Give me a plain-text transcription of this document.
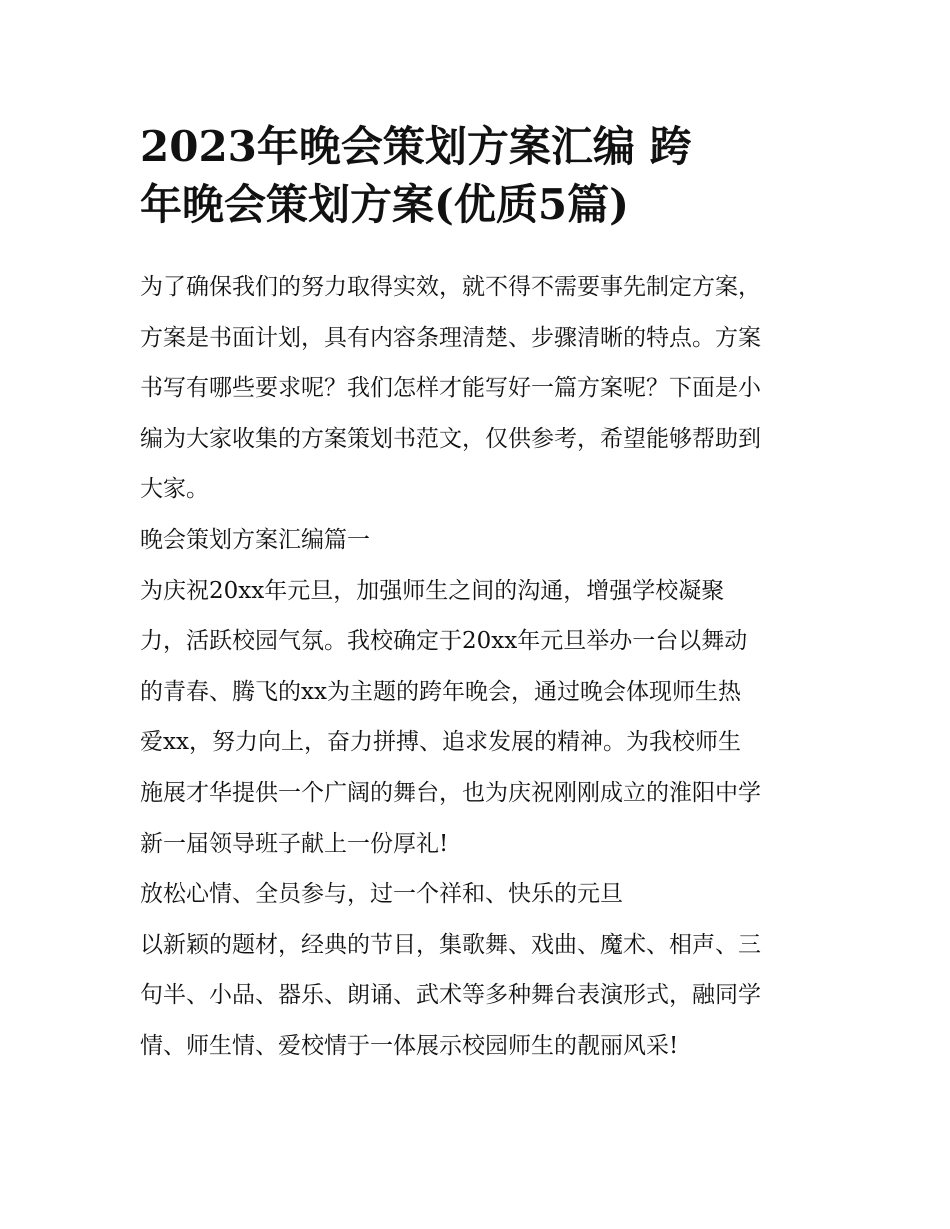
2023年晚会策划方案汇编 跨
年晚会策划方案(优质5篇)
为了确保我们的努力取得实效，就不得不需要事先制定方案，
方案是书面计划，具有内容条理清楚、步骤清晰的特点。方案
书写有哪些要求呢？我们怎样才能写好一篇方案呢？下面是小
编为大家收集的方案策划书范文，仅供参考，希望能够帮助到
大家。
晚会策划方案汇编篇一
为庆祝20xx年元旦，加强师生之间的沟通，增强学校凝聚
力，活跃校园气氛。我校确定于20xx年元旦举办一台以舞动
的青春、腾飞的xx为主题的跨年晚会，通过晚会体现师生热
爱xx，努力向上，奋力拼搏、追求发展的精神。为我校师生
施展才华提供一个广阔的舞台，也为庆祝刚刚成立的淮阳中学
新一届领导班子献上一份厚礼!
放松心情、全员参与，过一个祥和、快乐的元旦
以新颖的题材，经典的节目，集歌舞、戏曲、魔术、相声、三
句半、小品、器乐、朗诵、武术等多种舞台表演形式，融同学
情、师生情、爱校情于一体展示校园师生的靓丽风采!
